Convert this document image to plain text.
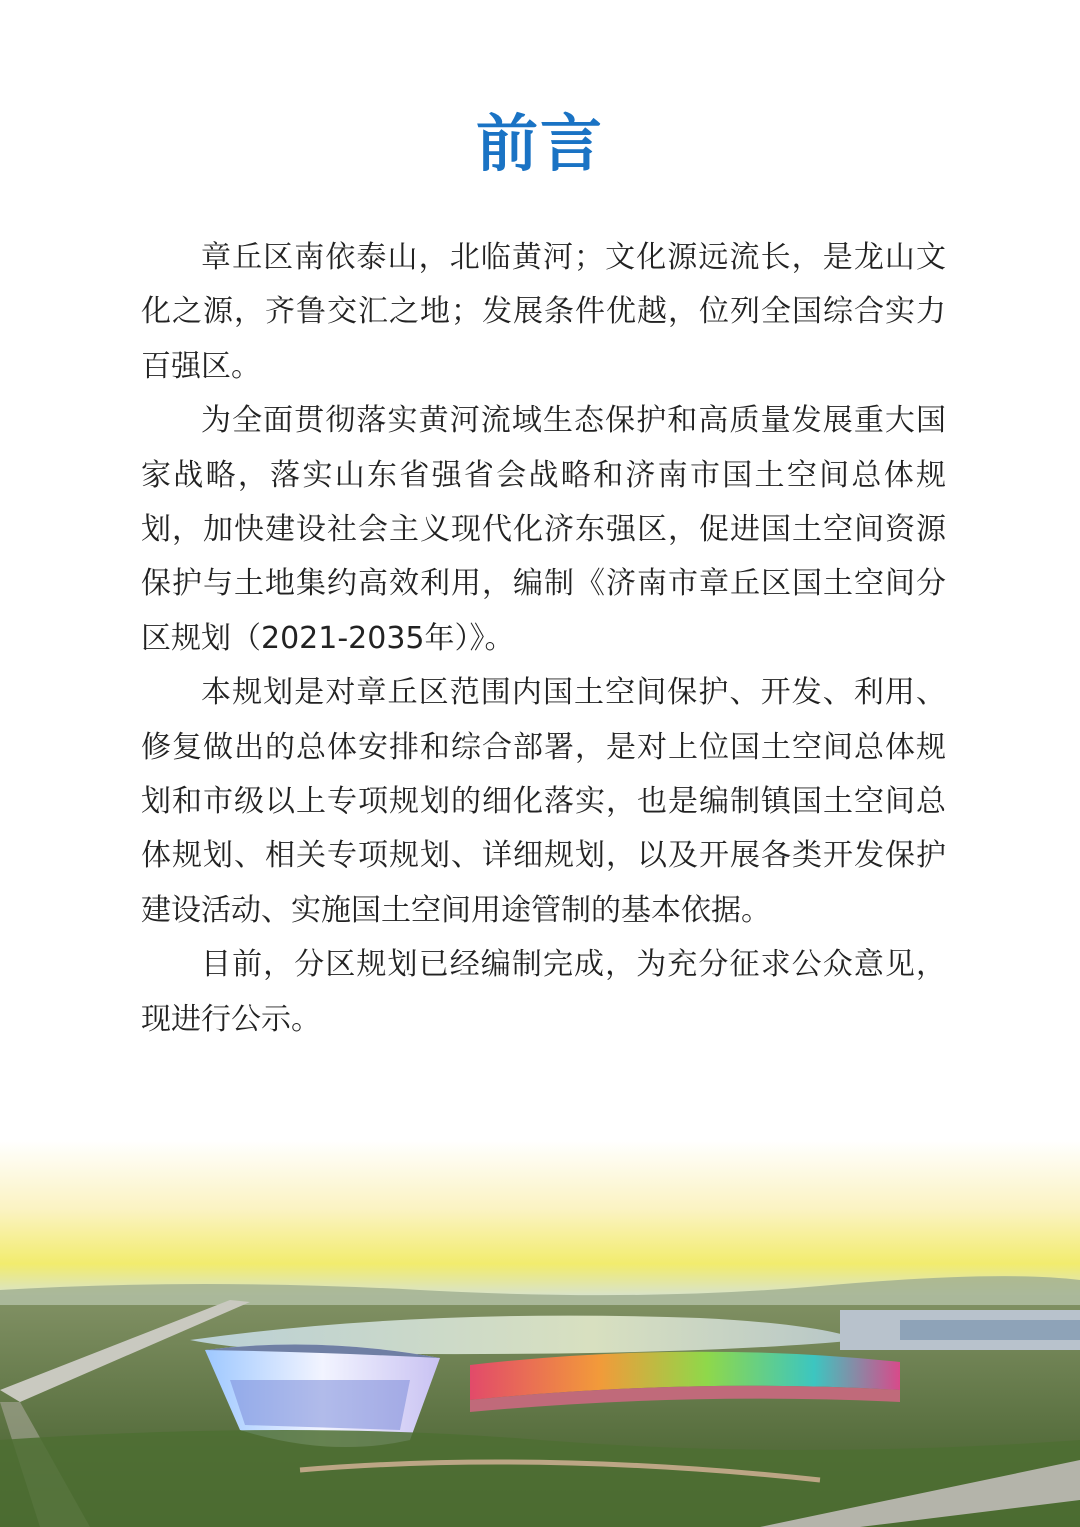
前言

章丘区南依泰山，北临黄河；文化源远流长，是龙山文化之源，齐鲁交汇之地；发展条件优越，位列全国综合实力百强区。

为全面贯彻落实黄河流域生态保护和高质量发展重大国家战略，落实山东省强省会战略和济南市国土空间总体规划，加快建设社会主义现代化济东强区，促进国土空间资源保护与土地集约高效利用，编制《济南市章丘区国土空间分区规划（2021-2035年）》。

本规划是对章丘区范围内国土空间保护、开发、利用、修复做出的总体安排和综合部署，是对上位国土空间总体规划和市级以上专项规划的细化落实，也是编制镇国土空间总体规划、相关专项规划、详细规划，以及开展各类开发保护建设活动、实施国土空间用途管制的基本依据。

目前，分区规划已经编制完成，为充分征求公众意见，现进行公示。
